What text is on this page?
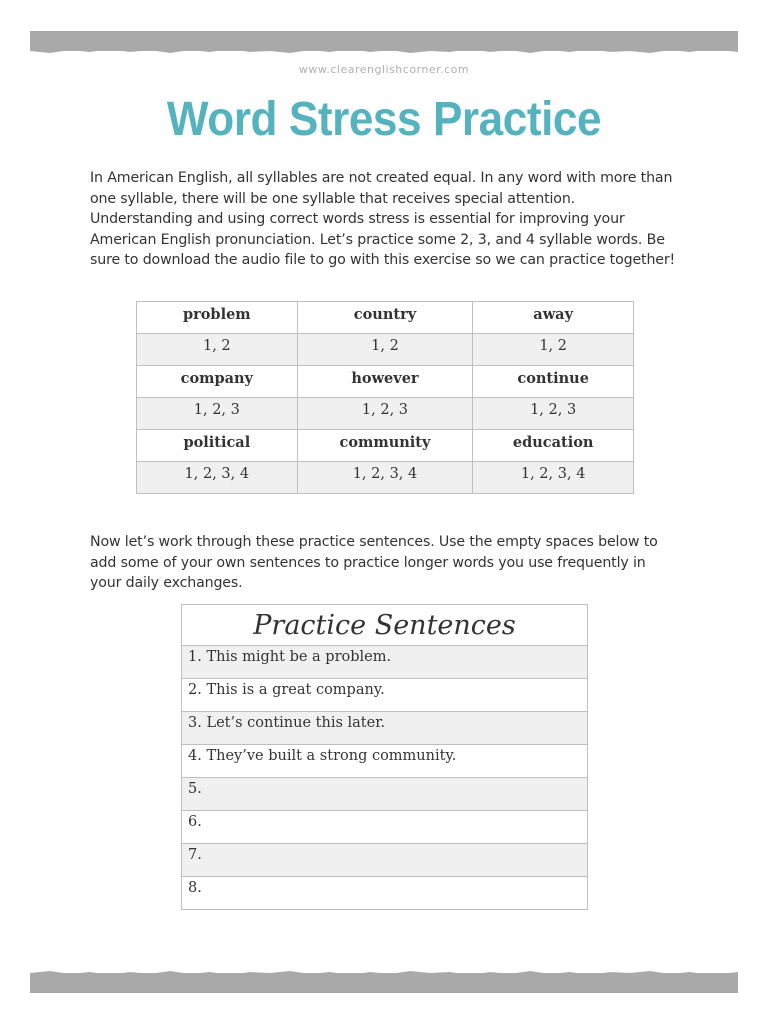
www.clearenglishcorner.com
Word Stress Practice

In American English, all syllables are not created equal. In any word with more than one syllable, there will be one syllable that receives special attention. Understanding and using correct words stress is essential for improving your American English pronunciation. Let’s practice some 2, 3, and 4 syllable words. Be sure to download the audio file to go with this exercise so we can practice together!

problem	country	away
1, 2	1, 2	1, 2
company	however	continue
1, 2, 3	1, 2, 3	1, 2, 3
political	community	education
1, 2, 3, 4	1, 2, 3, 4	1, 2, 3, 4

Now let’s work through these practice sentences. Use the empty spaces below to add some of your own sentences to practice longer words you use frequently in your daily exchanges.

Practice Sentences
1. This might be a problem.
2. This is a great company.
3. Let’s continue this later.
4. They’ve built a strong community.
5.
6.
7.
8.
